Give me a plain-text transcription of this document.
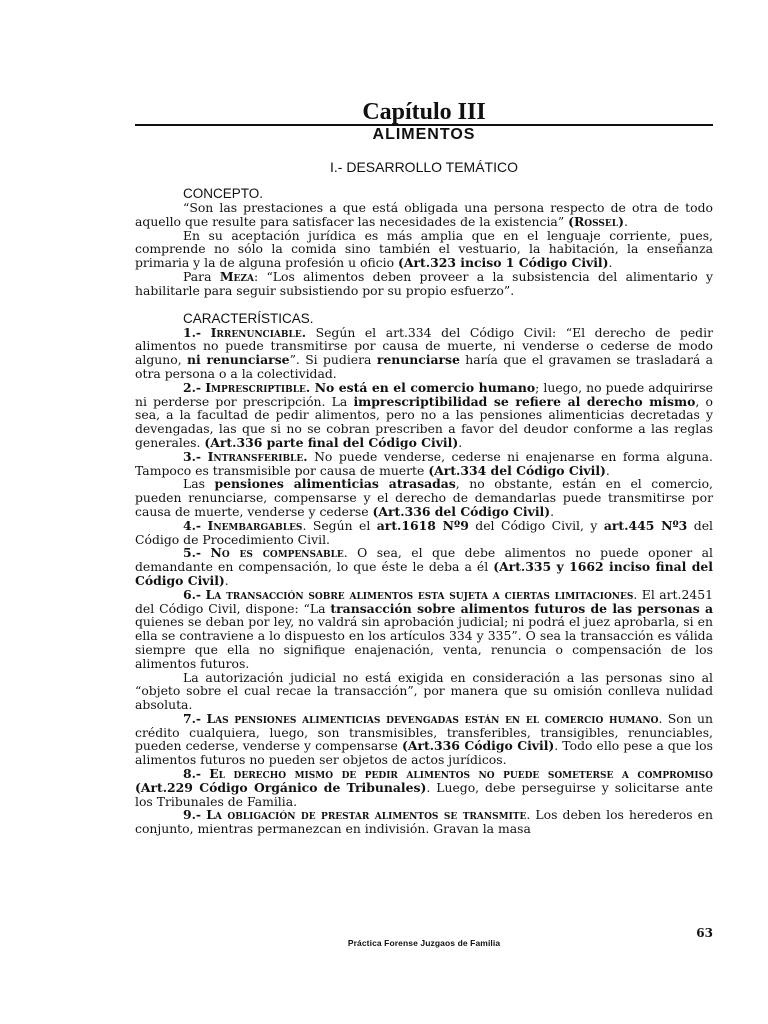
Capítulo III
ALIMENTOS
I.- DESARROLLO TEMÁTICO
CONCEPTO.

“Son las prestaciones a que está obligada una persona respecto de otra de todo aquello que resulte para satisfacer las necesidades de la existencia” (Rossel).

En su aceptación jurídica es más amplia que en el lenguaje corriente, pues, comprende no sólo la comida sino también el vestuario, la habitación, la enseñanza primaria y la de alguna profesión u oficio (Art.323 inciso 1 Código Civil).

Para Meza: “Los alimentos deben proveer a la subsistencia del alimentario y habilitarle para seguir subsistiendo por su propio esfuerzo”.

CARACTERÍSTICAS.

1.- Irrenunciable. Según el art.334 del Código Civil: “El derecho de pedir alimentos no puede transmitirse por causa de muerte, ni venderse o cederse de modo alguno, ni renunciarse”. Si pudiera renunciarse haría que el gravamen se trasladará a otra persona o a la colectividad.

2.- Imprescriptible. No está en el comercio humano; luego, no puede adquirirse ni perderse por prescripción. La imprescriptibilidad se refiere al derecho mismo, o sea, a la facultad de pedir alimentos, pero no a las pensiones alimenticias decretadas y devengadas, las que si no se cobran prescriben a favor del deudor conforme a las reglas generales. (Art.336 parte final del Código Civil).

3.- Intransferible. No puede venderse, cederse ni enajenarse en forma alguna. Tampoco es transmisible por causa de muerte (Art.334 del Código Civil).

Las pensiones alimenticias atrasadas, no obstante, están en el comercio, pueden renunciarse, compensarse y el derecho de demandarlas puede transmitirse por causa de muerte, venderse y cederse (Art.336 del Código Civil).

4.- Inembargables. Según el art.1618 Nº9 del Código Civil, y art.445 Nº3 del Código de Procedimiento Civil.

5.- No es compensable. O sea, el que debe alimentos no puede oponer al demandante en compensación, lo que éste le deba a él (Art.335 y 1662 inciso final del Código Civil).

6.- La transacción sobre alimentos esta sujeta a ciertas limitaciones. El art.2451 del Código Civil, dispone: “La transacción sobre alimentos futuros de las personas a quienes se deban por ley, no valdrá sin aprobación judicial; ni podrá el juez aprobarla, si en ella se contraviene a lo dispuesto en los artículos 334 y 335”. O sea la transacción es válida siempre que ella no signifique enajenación, venta, renuncia o compensación de los alimentos futuros.

La autorización judicial no está exigida en consideración a las personas sino al “objeto sobre el cual recae la transacción”, por manera que su omisión conlleva nulidad absoluta.

7.- Las pensiones alimenticias devengadas están en el comercio humano. Son un crédito cualquiera, luego, son transmisibles, transferibles, transigibles, renunciables, pueden cederse, venderse y compensarse (Art.336 Código Civil). Todo ello pese a que los alimentos futuros no pueden ser objetos de actos jurídicos.

8.- El derecho mismo de pedir alimentos no puede someterse a compromiso (Art.229 Código Orgánico de Tribunales). Luego, debe perseguirse y solicitarse ante los Tribunales de Familia.

9.- La obligación de prestar alimentos se transmite. Los deben los herederos en conjunto, mientras permanezcan en indivisión. Gravan la masa

63
Práctica Forense Juzgaos de Familia
